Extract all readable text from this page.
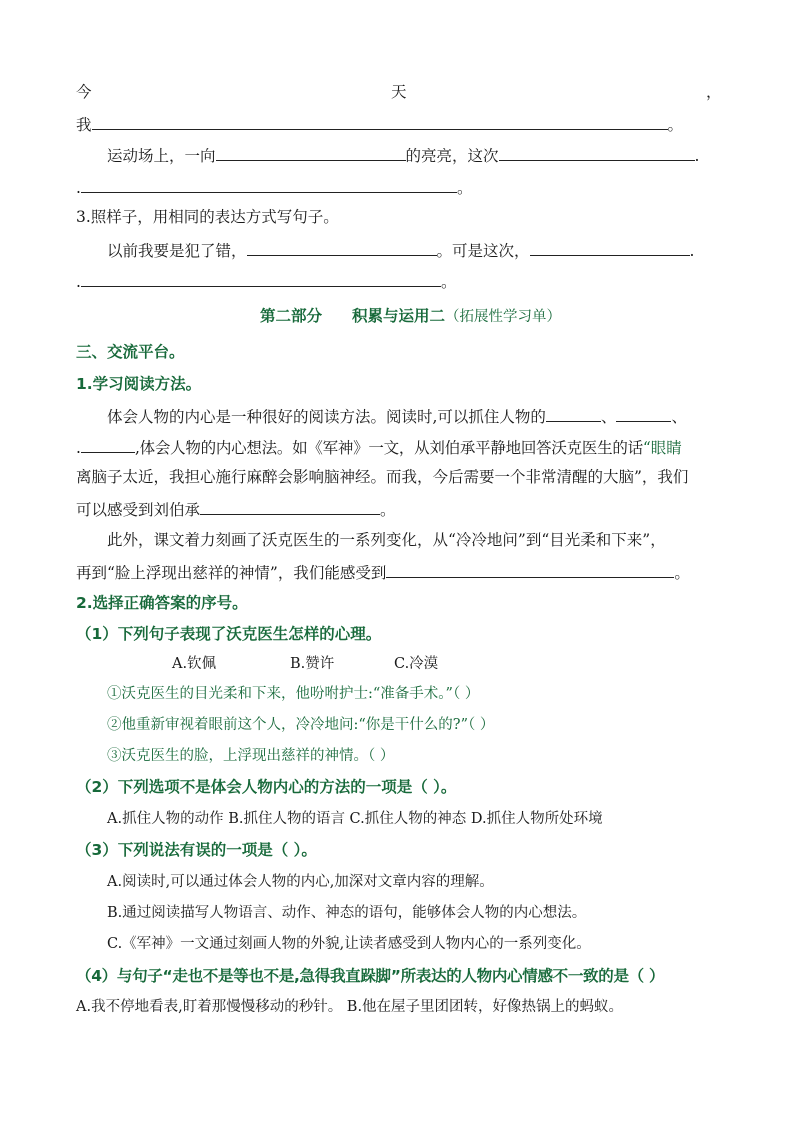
今	天	，
我	。
运动场上，一向	的亮亮，这次	.
.	。
3.照样子，用相同的表达方式写句子。
以前我要是犯了错，	。可是这次，	.
.	。
第二部分 积累与运用二（拓展性学习单）
三、交流平台。
1.学习阅读方法。
体会人物的内心是一种很好的阅读方法。阅读时,可以抓住人物的	、	、
.	,体会人物的内心想法。如《军神》一文，从刘伯承平静地回答沃克医生的话“眼睛
离脑子太近，我担心施行麻醉会影响脑神经。而我，今后需要一个非常清醒的大脑”，我们
可以感受到刘伯承	。
此外，课文着力刻画了沃克医生的一系列变化，从“冷冷地问”到“目光柔和下来”，
再到“脸上浮现出慈祥的神情”，我们能感受到	。
2.选择正确答案的序号。
（1）下列句子表现了沃克医生怎样的心理。
A.钦佩	B.赞许	C.冷漠
①沃克医生的目光柔和下来，他吩咐护士:“准备手术。”（ ）
②他重新审视着眼前这个人，冷冷地问:“你是干什么的?”（ ）
③沃克医生的脸，上浮现出慈祥的神情。（ ）
（2）下列选项不是体会人物内心的方法的一项是（ ）。
A.抓住人物的动作 B.抓住人物的语言 C.抓住人物的神态 D.抓住人物所处环境
（3）下列说法有误的一项是（ ）。
A.阅读时,可以通过体会人物的内心,加深对文章内容的理解。
B.通过阅读描写人物语言、动作、神态的语句，能够体会人物的内心想法。
C.《军神》一文通过刻画人物的外貌,让读者感受到人物内心的一系列变化。
（4）与句子“走也不是等也不是,急得我直跺脚”所表达的人物内心情感不一致的是（ ）
A.我不停地看表,盯着那慢慢移动的秒针。 B.他在屋子里团团转，好像热锅上的蚂蚁。
